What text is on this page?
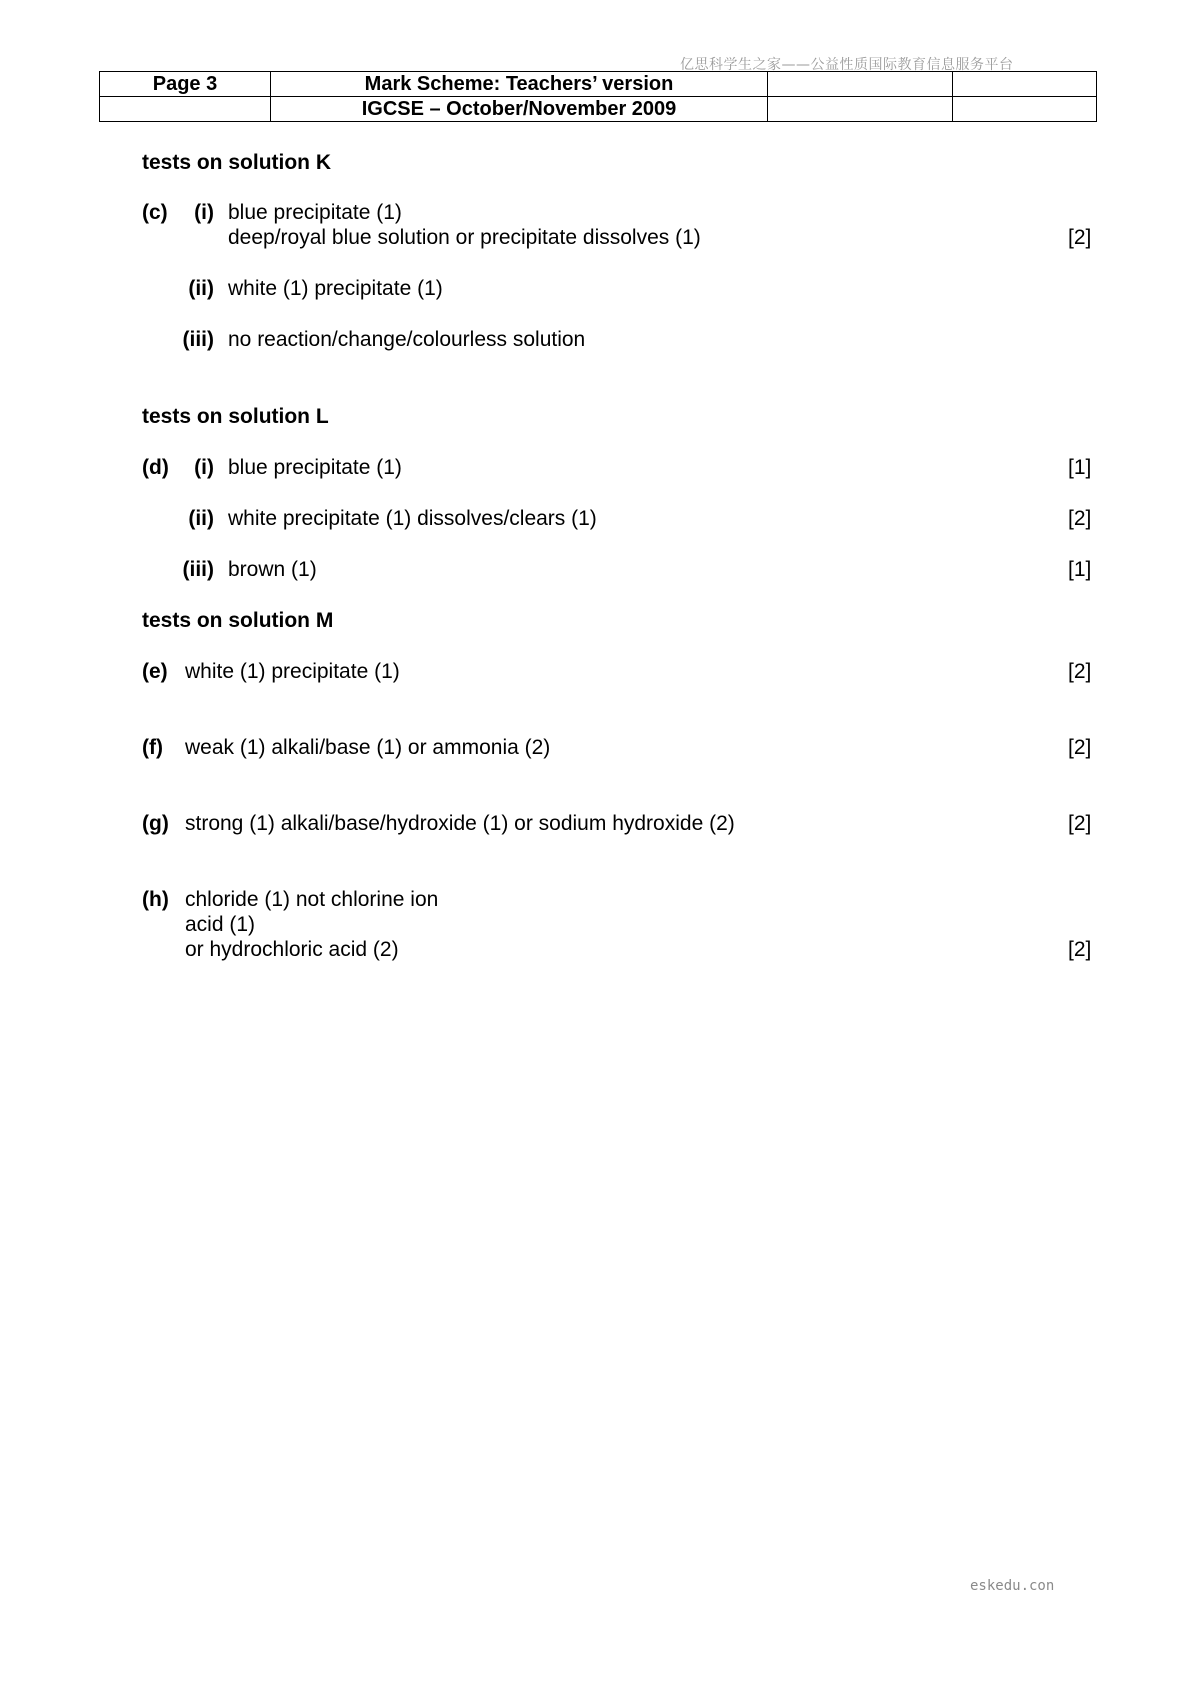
亿思科学生之家——公益性质国际教育信息服务平台
Page 3	Mark Scheme: Teachers’ version		
	IGCSE – October/November 2009		
tests on solution K
(c)	(i) blue precipitate (1)
deep/royal blue solution or precipitate dissolves (1)	[2]
(ii) white (1) precipitate (1)
(iii) no reaction/change/colourless solution
tests on solution L
(d)	(i) blue precipitate (1)	[1]
(ii) white precipitate (1) dissolves/clears (1)	[2]
(iii) brown (1)	[1]
tests on solution M
(e) white (1) precipitate (1)	[2]
(f) weak (1) alkali/base (1) or ammonia (2)	[2]
(g) strong (1) alkali/base/hydroxide (1) or sodium hydroxide (2)	[2]
(h) chloride (1) not chlorine ion
acid (1)
or hydrochloric acid (2)	[2]
eskedu.con
